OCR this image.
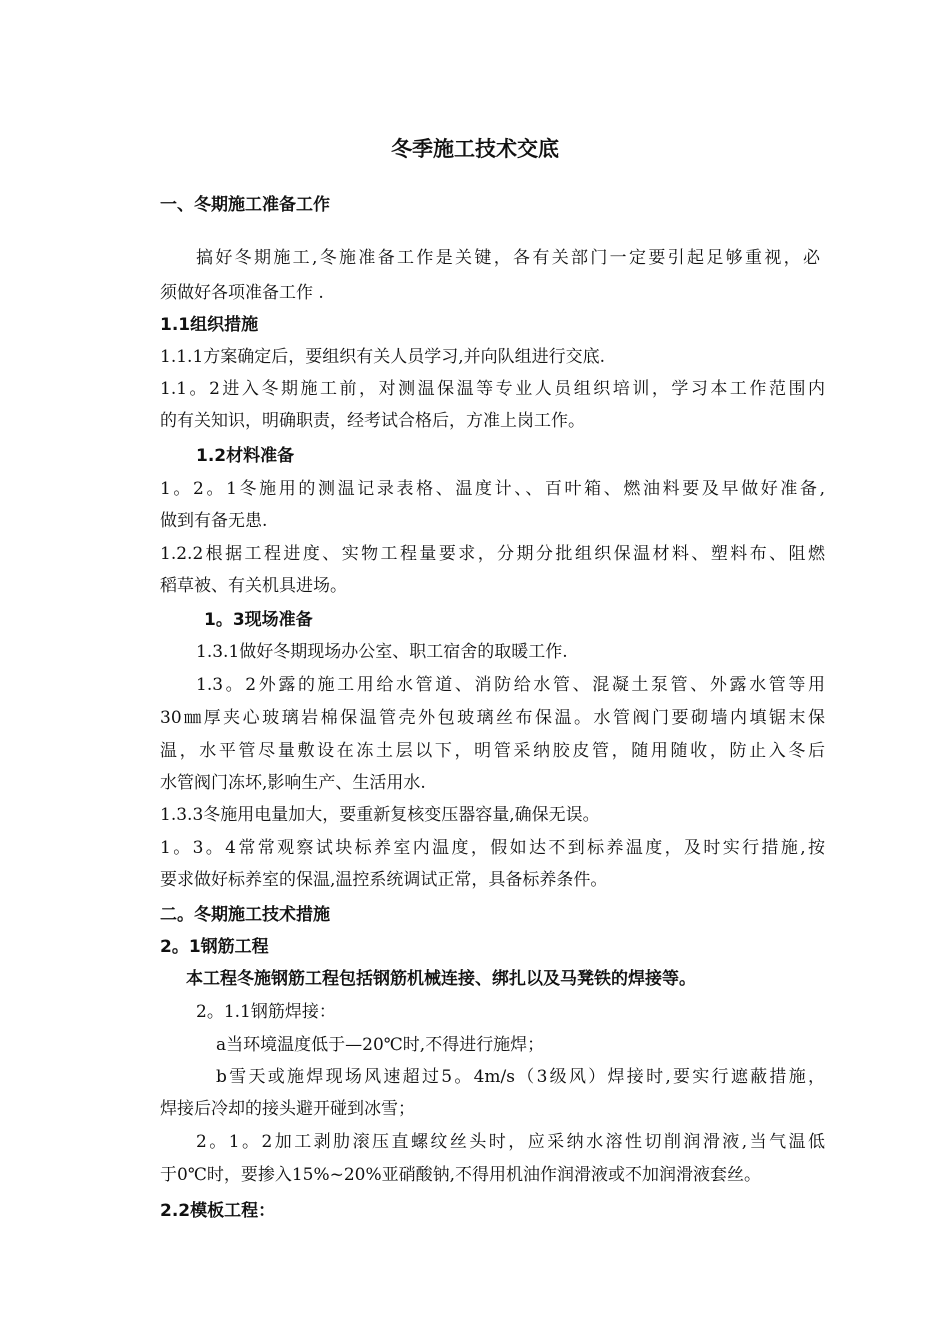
冬季施工技术交底
一、冬期施工准备工作
搞好冬期施工,冬施准备工作是关键，各有关部门一定要引起足够重视，必
须做好各项准备工作 .
1.1组织措施
1.1.1方案确定后，要组织有关人员学习,并向队组进行交底.
1.1。2进入冬期施工前，对测温保温等专业人员组织培训，学习本工作范围内
的有关知识，明确职责，经考试合格后，方准上岗工作。
1.2材料准备
1。2。1冬施用的测温记录表格、温度计、、百叶箱、燃油料要及早做好准备,
做到有备无患.
1.2.2根据工程进度、实物工程量要求，分期分批组织保温材料、塑料布、阻燃
稻草被、有关机具进场。
1。3现场准备
1.3.1做好冬期现场办公室、职工宿舍的取暖工作.
1.3。2外露的施工用给水管道、消防给水管、混凝土泵管、外露水管等用
30㎜厚夹心玻璃岩棉保温管壳外包玻璃丝布保温。水管阀门要砌墙内填锯末保
温，水平管尽量敷设在冻土层以下，明管采纳胶皮管，随用随收，防止入冬后
水管阀门冻坏,影响生产、生活用水.
1.3.3冬施用电量加大，要重新复核变压器容量,确保无误。
1。3。4常常观察试块标养室内温度，假如达不到标养温度，及时实行措施,按
要求做好标养室的保温,温控系统调试正常，具备标养条件。
二。冬期施工技术措施
2。1钢筋工程
本工程冬施钢筋工程包括钢筋机械连接、绑扎以及马凳铁的焊接等。
2。1.1钢筋焊接：
a当环境温度低于—20℃时,不得进行施焊；
b雪天或施焊现场风速超过5。4m/s（3级风）焊接时,要实行遮蔽措施，
焊接后冷却的接头避开碰到冰雪；
2。1。2加工剥肋滚压直螺纹丝头时，应采纳水溶性切削润滑液,当气温低
于0℃时，要掺入15%~20%亚硝酸钠,不得用机油作润滑液或不加润滑液套丝。
2.2模板工程：
